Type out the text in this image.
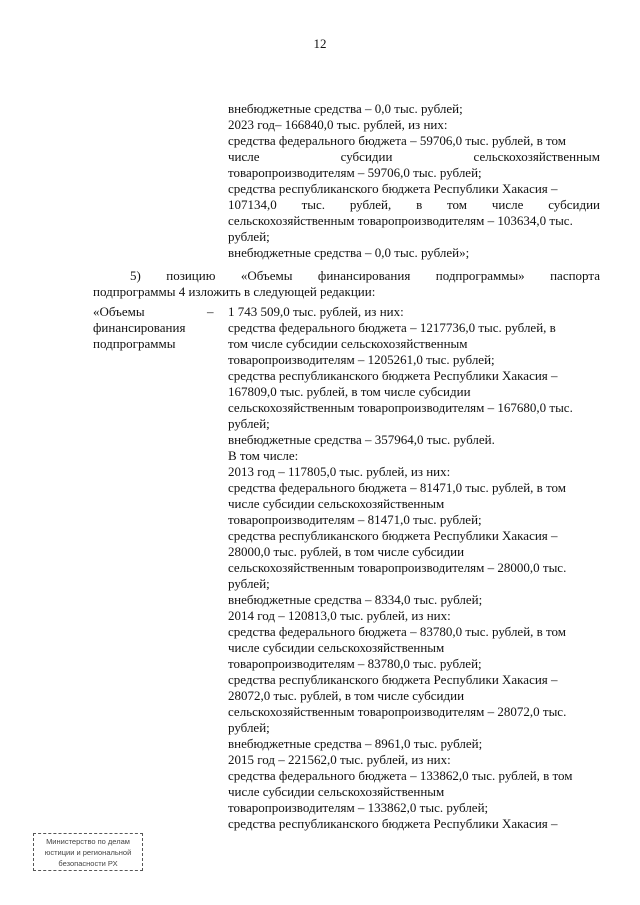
12
внебюджетные средства – 0,0 тыс. рублей;
2023 год– 166840,0 тыс. рублей, из них:
средства федерального бюджета – 59706,0 тыс. рублей, в том
числе субсидии сельскохозяйственным
товаропроизводителям – 59706,0 тыс. рублей;
средства республиканского бюджета Республики Хакасия –
107134,0 тыс. рублей, в том числе субсидии
сельскохозяйственным товаропроизводителям – 103634,0 тыс.
рублей;
внебюджетные средства – 0,0 тыс. рублей»;
5) позицию «Объемы финансирования подпрограммы» паспорта
подпрограммы 4 изложить в следующей редакции:
«Объемы
финансирования
подпрограммы
– 1 743 509,0 тыс. рублей, из них:
средства федерального бюджета – 1217736,0 тыс. рублей, в
том числе субсидии сельскохозяйственным
товаропроизводителям – 1205261,0 тыс. рублей;
средства республиканского бюджета Республики Хакасия –
167809,0 тыс. рублей, в том числе субсидии
сельскохозяйственным товаропроизводителям – 167680,0 тыс.
рублей;
внебюджетные средства – 357964,0 тыс. рублей.
В том числе:
2013 год – 117805,0 тыс. рублей, из них:
средства федерального бюджета – 81471,0 тыс. рублей, в том
числе субсидии сельскохозяйственным
товаропроизводителям – 81471,0 тыс. рублей;
средства республиканского бюджета Республики Хакасия –
28000,0 тыс. рублей, в том числе субсидии
сельскохозяйственным товаропроизводителям – 28000,0 тыс.
рублей;
внебюджетные средства – 8334,0 тыс. рублей;
2014 год – 120813,0 тыс. рублей, из них:
средства федерального бюджета – 83780,0 тыс. рублей, в том
числе субсидии сельскохозяйственным
товаропроизводителям – 83780,0 тыс. рублей;
средства республиканского бюджета Республики Хакасия –
28072,0 тыс. рублей, в том числе субсидии
сельскохозяйственным товаропроизводителям – 28072,0 тыс.
рублей;
внебюджетные средства – 8961,0 тыс. рублей;
2015 год – 221562,0 тыс. рублей, из них:
средства федерального бюджета – 133862,0 тыс. рублей, в том
числе субсидии сельскохозяйственным
товаропроизводителям – 133862,0 тыс. рублей;
средства республиканского бюджета Республики Хакасия –
Министерство по делам
юстиции и региональной
безопасности РХ
